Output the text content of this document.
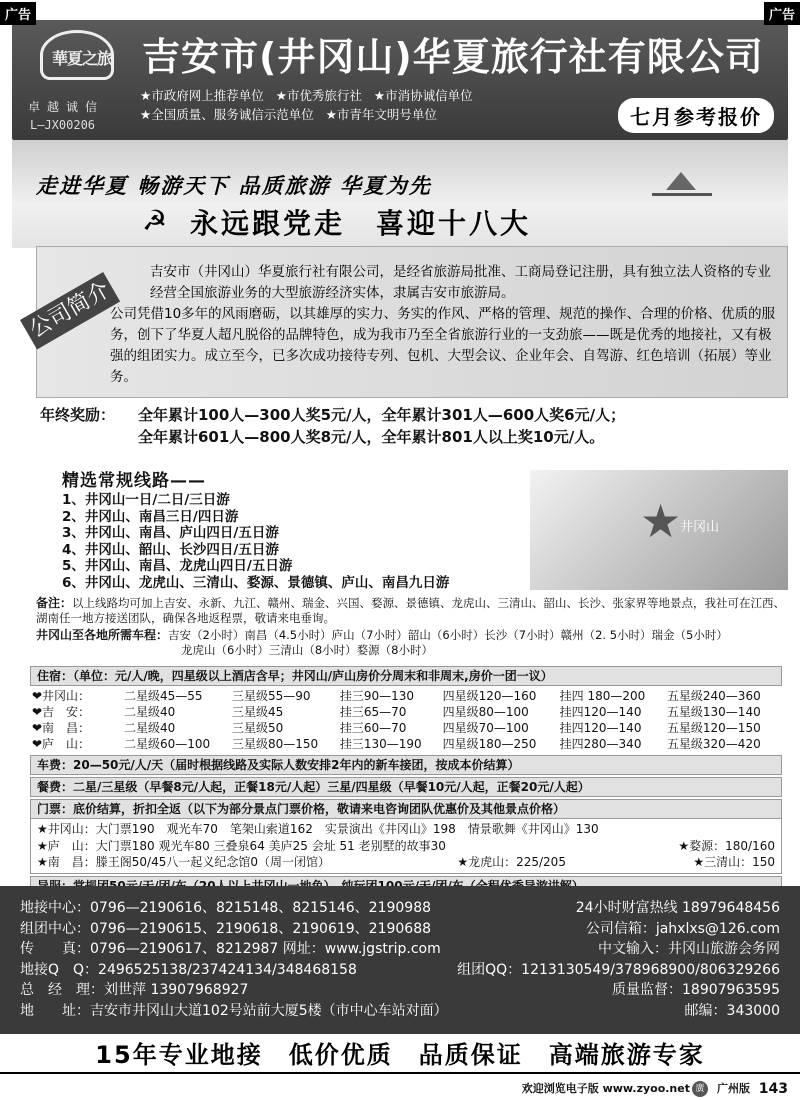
广告	广告
華夏之旅
卓越诚信
L—JX00206
吉安市(井冈山)华夏旅行社有限公司
★市政府网上推荐单位 ★市优秀旅行社 ★市消协诚信单位
★全国质量、服务诚信示范单位 ★市青年文明号单位	七月参考报价
走进华夏 畅游天下 品质旅游 华夏为先
☭ 永远跟党走　喜迎十八大
公司简介

吉安市（井冈山）华夏旅行社有限公司，是经省旅游局批准、工商局登记注册，具有独立法人资格的专业经营全国旅游业务的大型旅游经济实体，隶属吉安市旅游局。

公司凭借10多年的风雨磨砺，以其雄厚的实力、务实的作风、严格的管理、规范的操作、合理的价格、优质的服务，创下了华夏人超凡脱俗的品牌特色，成为我市乃至全省旅游行业的一支劲旅——既是优秀的地接社，又有极强的组团实力。成立至今，已多次成功接待专列、包机、大型会议、企业年会、自驾游、红色培训（拓展）等业务。

年终奖励： 全年累计100人—300人奖5元/人，全年累计301人—600人奖6元/人；
全年累计601人—800人奖8元/人，全年累计801人以上奖10元/人。
★
井冈山
精选常规线路——
1、井冈山一日/二日/三日游
2、井冈山、南昌三日/四日游
3、井冈山、南昌、庐山四日/五日游
4、井冈山、韶山、长沙四日/五日游
5、井冈山、南昌、龙虎山四日/五日游
6、井冈山、龙虎山、三清山、婺源、景德镇、庐山、南昌九日游
备注：以上线路均可加上吉安、永新、九江、赣州、瑞金、兴国、婺源、景德镇、龙虎山、三清山、韶山、长沙、张家界等地景点，我社可在江西、湖南任一地方接送团队，确保各地返程票，敬请来电垂询。
井冈山至各地所需车程：吉安（2小时）南昌（4.5小时）庐山（7小时）韶山（6小时）长沙（7小时）赣州（2. 5小时）瑞金（5小时）
龙虎山（6小时）三清山（8小时）婺源（8小时）
住宿：（单位：元/人/晚，四星级以上酒店含早；井冈山/庐山房价分周末和非周末,房价一团一议）
❤井冈山：	二星级45—55	三星级55—90	挂三90—130	四星级120—160	挂四 180—200	五星级240—360
❤吉　安：	二星级40	三星级45	挂三65—70	四星级80—100	挂四120—140	五星级130—140
❤南　昌：	二星级40	三星级50	挂三60—70	四星级70—100	挂四120—140	五星级120—150
❤庐　山：	二星级60—100	三星级80—150	挂三130—190	四星级180—250	挂四280—340	五星级320—420
车费：20—50元/人/天（届时根据线路及实际人数安排2年内的新车接团，按成本价结算）
餐费：二星/三星级（早餐8元/人起，正餐18元/人起）三星/四星级（早餐10元/人起，正餐20元/人起）
门票：底价结算，折扣全返（以下为部分景点门票价格，敬请来电咨询团队优惠价及其他景点价格）
★井冈山：大门票190　观光车70　笔架山索道162　实景演出《井冈山》198　情景歌舞《井冈山》130
★庐　山：大门票180 观光车80 三叠泉64 美庐25 会址 51 老别墅的故事30	★婺源：180/160
★南　昌：滕王阁50/45八一起义纪念馆0（周一闭馆）	★龙虎山：225/205	★三清山：150
地接中心：0796—2190616、8215148、8215146、2190988	24小时财富热线 18979648456
组团中心：0796—2190615、2190618、2190619、2190688	公司信箱：jahxlxs@126.com
传　　真：0796—2190617、8212987 网址：www.jgstrip.com	中文输入：井冈山旅游会务网
地接Q　Q：2496525138/237424134/348468158	组团QQ：1213130549/378968900/806329266
总　经　理：刘世萍 13907968927	质量监督：18907963595
地　　址：吉安市井冈山大道102号站前大厦5楼（市中心车站对面）	邮编：343000
15年专业地接　低价优质　品质保证　高端旅游专家
欢迎浏览电子版 www.zyoo.net 廣	广州版 143
